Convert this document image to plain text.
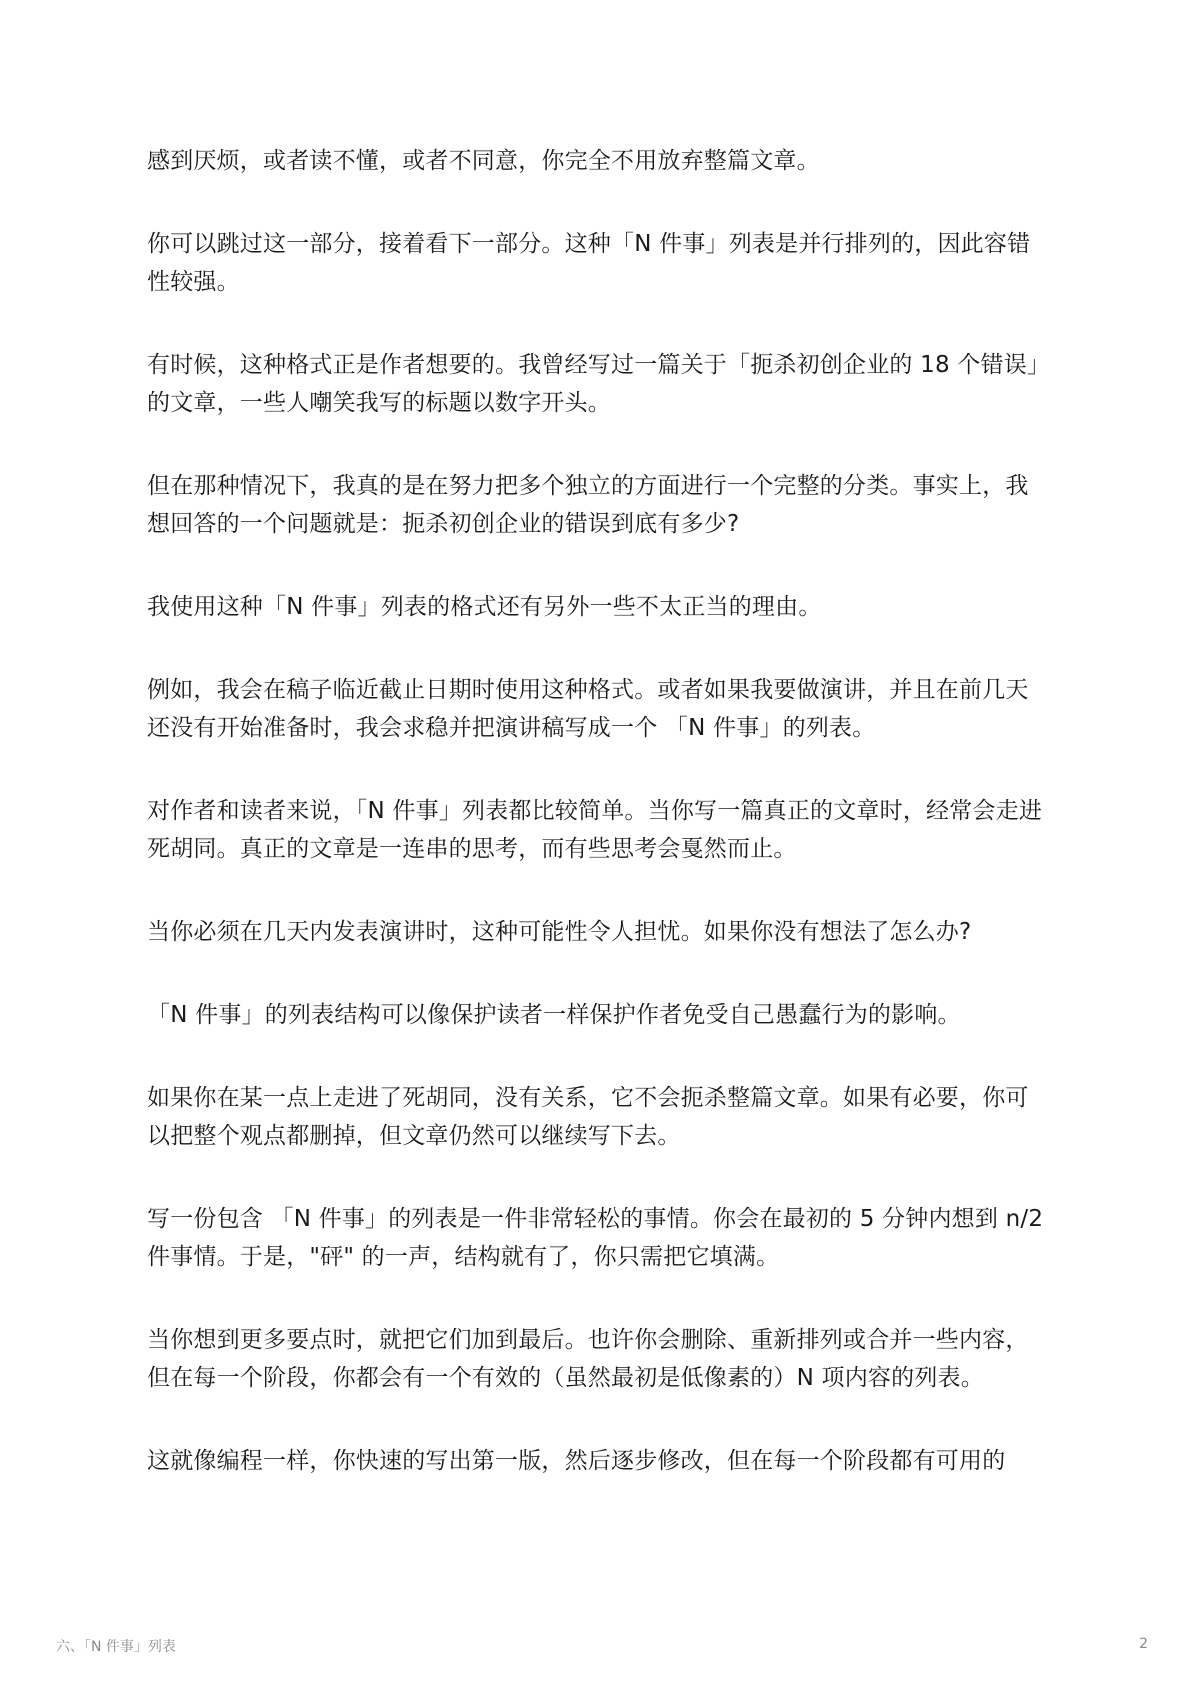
感到厌烦，或者读不懂，或者不同意，你完全不用放弃整篇文章。

你可以跳过这一部分，接着看下一部分。这种「N 件事」列表是并行排列的，因此容错性较强。

有时候，这种格式正是作者想要的。我曾经写过一篇关于「扼杀初创企业的 18 个错误」的文章，一些人嘲笑我写的标题以数字开头。

但在那种情况下，我真的是在努力把多个独立的方面进行一个完整的分类。事实上，我想回答的一个问题就是：扼杀初创企业的错误到底有多少?

我使用这种「N 件事」列表的格式还有另外一些不太正当的理由。

例如，我会在稿子临近截止日期时使用这种格式。或者如果我要做演讲，并且在前几天还没有开始准备时，我会求稳并把演讲稿写成一个 「N 件事」的列表。

对作者和读者来说，「N 件事」列表都比较简单。当你写一篇真正的文章时，经常会走进死胡同。真正的文章是一连串的思考，而有些思考会戛然而止。

当你必须在几天内发表演讲时，这种可能性令人担忧。如果你没有想法了怎么办?

「N 件事」的列表结构可以像保护读者一样保护作者免受自己愚蠢行为的影响。

如果你在某一点上走进了死胡同，没有关系，它不会扼杀整篇文章。如果有必要，你可以把整个观点都删掉，但文章仍然可以继续写下去。

写一份包含 「N 件事」的列表是一件非常轻松的事情。你会在最初的 5 分钟内想到 n/2 件事情。于是，"砰" 的一声，结构就有了，你只需把它填满。

当你想到更多要点时，就把它们加到最后。也许你会删除、重新排列或合并一些内容，但在每一个阶段，你都会有一个有效的（虽然最初是低像素的）N 项内容的列表。

这就像编程一样，你快速的写出第一版，然后逐步修改，但在每一个阶段都有可用的

六、「N 件事」列表	2
